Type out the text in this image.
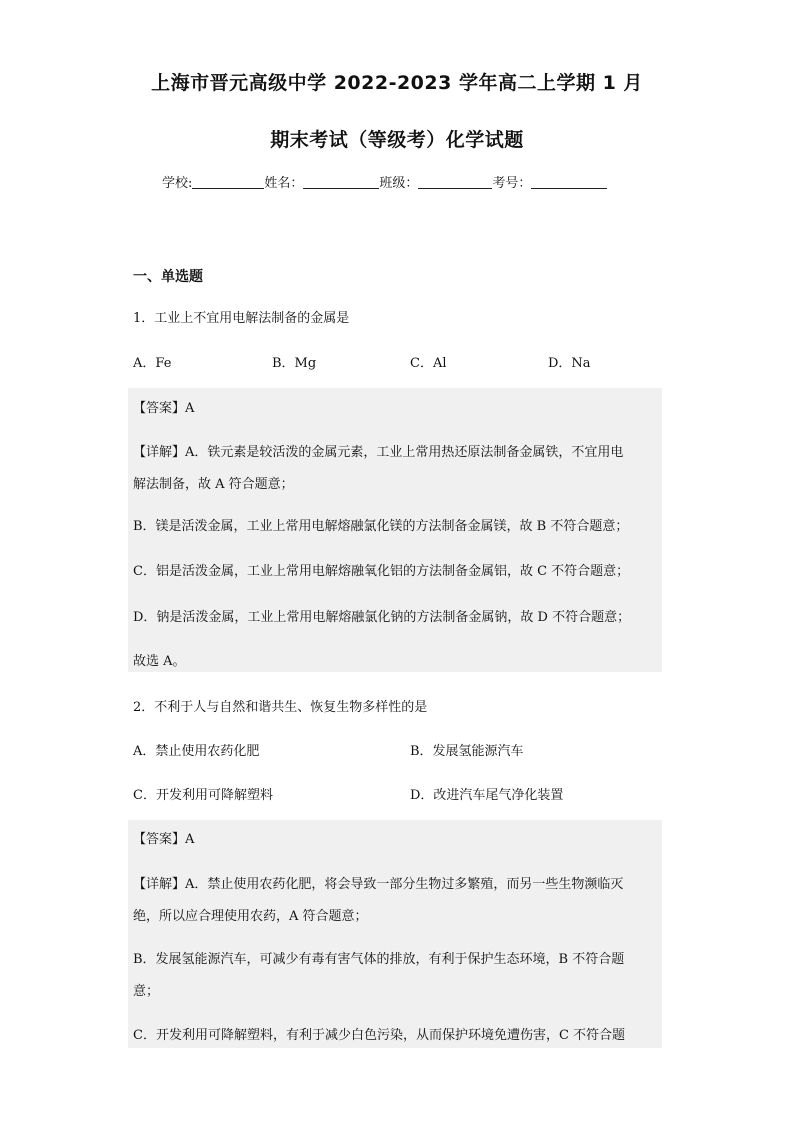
上海市晋元高级中学 2022-2023 学年高二上学期 1 月
期末考试（等级考）化学试题
学校:	姓名：	班级：	考号：
一、单选题
1．工业上不宜用电解法制备的金属是
A．Fe	B．Mg	C．Al	D．Na
【答案】A
【详解】A．铁元素是较活泼的金属元素，工业上常用热还原法制备金属铁，不宜用电
解法制备，故 A 符合题意；
B．镁是活泼金属，工业上常用电解熔融氯化镁的方法制备金属镁，故 B 不符合题意；
C．铝是活泼金属，工业上常用电解熔融氧化铝的方法制备金属铝，故 C 不符合题意；
D．钠是活泼金属，工业上常用电解熔融氯化钠的方法制备金属钠，故 D 不符合题意；
故选 A。
2．不利于人与自然和谐共生、恢复生物多样性的是
A．禁止使用农药化肥	B．发展氢能源汽车
C．开发利用可降解塑料	D．改进汽车尾气净化装置
【答案】A
【详解】A．禁止使用农药化肥，将会导致一部分生物过多繁殖，而另一些生物濒临灭
绝，所以应合理使用农药，A 符合题意；
B．发展氢能源汽车，可减少有毒有害气体的排放，有利于保护生态环境，B 不符合题
意；
C．开发利用可降解塑料，有利于减少白色污染，从而保护环境免遭伤害，C 不符合题
